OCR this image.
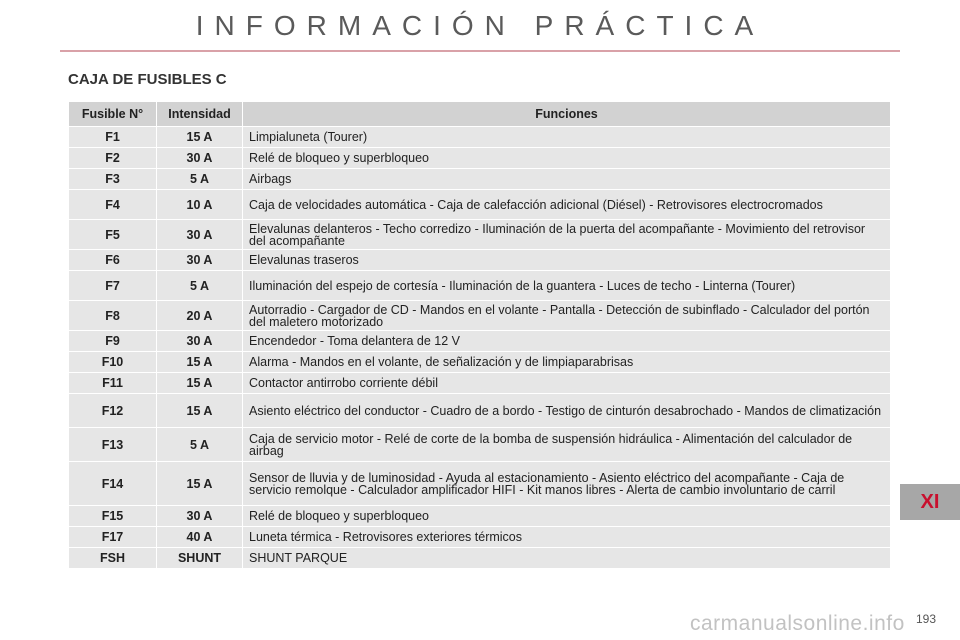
INFORMACIÓN PRÁCTICA
CAJA DE FUSIBLES C
Fusible N°	Intensidad	Funciones
F1	15 A	Limpialuneta (Tourer)
F2	30 A	Relé de bloqueo y superbloqueo
F3	5 A	Airbags
F4	10 A	Caja de velocidades automática - Caja de calefacción adicional (Diésel) - Retrovisores electrocromados
F5	30 A	Elevalunas delanteros - Techo corredizo - Iluminación de la puerta del acompañante - Movimiento del retrovisor del acompañante
F6	30 A	Elevalunas traseros
F7	5 A	Iluminación del espejo de cortesía - Iluminación de la guantera - Luces de techo - Linterna (Tourer)
F8	20 A	Autorradio - Cargador de CD - Mandos en el volante - Pantalla - Detección de subinflado - Calculador del portón del maletero motorizado
F9	30 A	Encendedor - Toma delantera de 12 V
F10	15 A	Alarma - Mandos en el volante, de señalización y de limpiaparabrisas
F11	15 A	Contactor antirrobo corriente débil
F12	15 A	Asiento eléctrico del conductor - Cuadro de a bordo - Testigo de cinturón desabrochado - Mandos de climatización
F13	5 A	Caja de servicio motor - Relé de corte de la bomba de suspensión hidráulica - Alimentación del calculador de airbag
F14	15 A	Sensor de lluvia y de luminosidad - Ayuda al estacionamiento - Asiento eléctrico del acompañante - Caja de servicio remolque - Calculador amplificador HIFI - Kit manos libres - Alerta de cambio involuntario de carril
F15	30 A	Relé de bloqueo y superbloqueo
F17	40 A	Luneta térmica - Retrovisores exteriores térmicos
FSH	SHUNT	SHUNT PARQUE
XI
carmanualsonline.info 193
